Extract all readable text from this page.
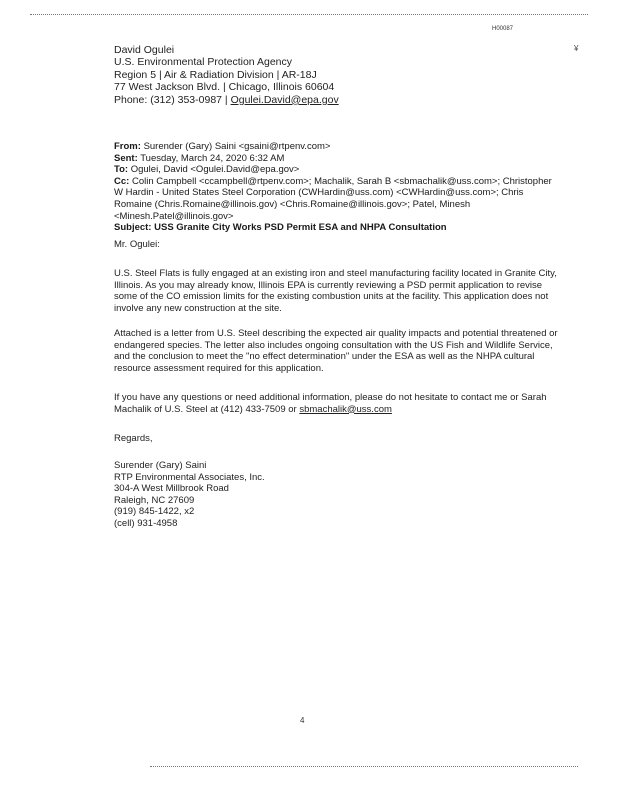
H00087
¥
David Ogulei
U.S. Environmental Protection Agency
Region 5 | Air & Radiation Division | AR-18J
77 West Jackson Blvd. | Chicago, Illinois 60604
Phone: (312) 353-0987 | Ogulei.David@epa.gov
From: Surender (Gary) Saini <gsaini@rtpenv.com>
Sent: Tuesday, March 24, 2020 6:32 AM
To: Ogulei, David <Ogulei.David@epa.gov>
Cc: Colin Campbell <ccampbell@rtpenv.com>; Machalik, Sarah B <sbmachalik@uss.com>; Christopher W Hardin - United States Steel Corporation (CWHardin@uss.com) <CWHardin@uss.com>; Chris Romaine (Chris.Romaine@illinois.gov) <Chris.Romaine@illinois.gov>; Patel, Minesh <Minesh.Patel@illinois.gov>
Subject: USS Granite City Works PSD Permit ESA and NHPA Consultation
Mr. Ogulei:
U.S. Steel Flats is fully engaged at an existing iron and steel manufacturing facility located in Granite City, Illinois. As you may already know, Illinois EPA is currently reviewing a PSD permit application to revise some of the CO emission limits for the existing combustion units at the facility. This application does not involve any new construction at the site.
Attached is a letter from U.S. Steel describing the expected air quality impacts and potential threatened or endangered species. The letter also includes ongoing consultation with the US Fish and Wildlife Service, and the conclusion to meet the "no effect determination" under the ESA as well as the NHPA cultural resource assessment required for this application.
If you have any questions or need additional information, please do not hesitate to contact me or Sarah Machalik of U.S. Steel at (412) 433-7509 or sbmachalik@uss.com
Regards,
Surender (Gary) Saini
RTP Environmental Associates, Inc.
304-A West Millbrook Road
Raleigh, NC 27609
(919) 845-1422, x2
(cell) 931-4958
4
